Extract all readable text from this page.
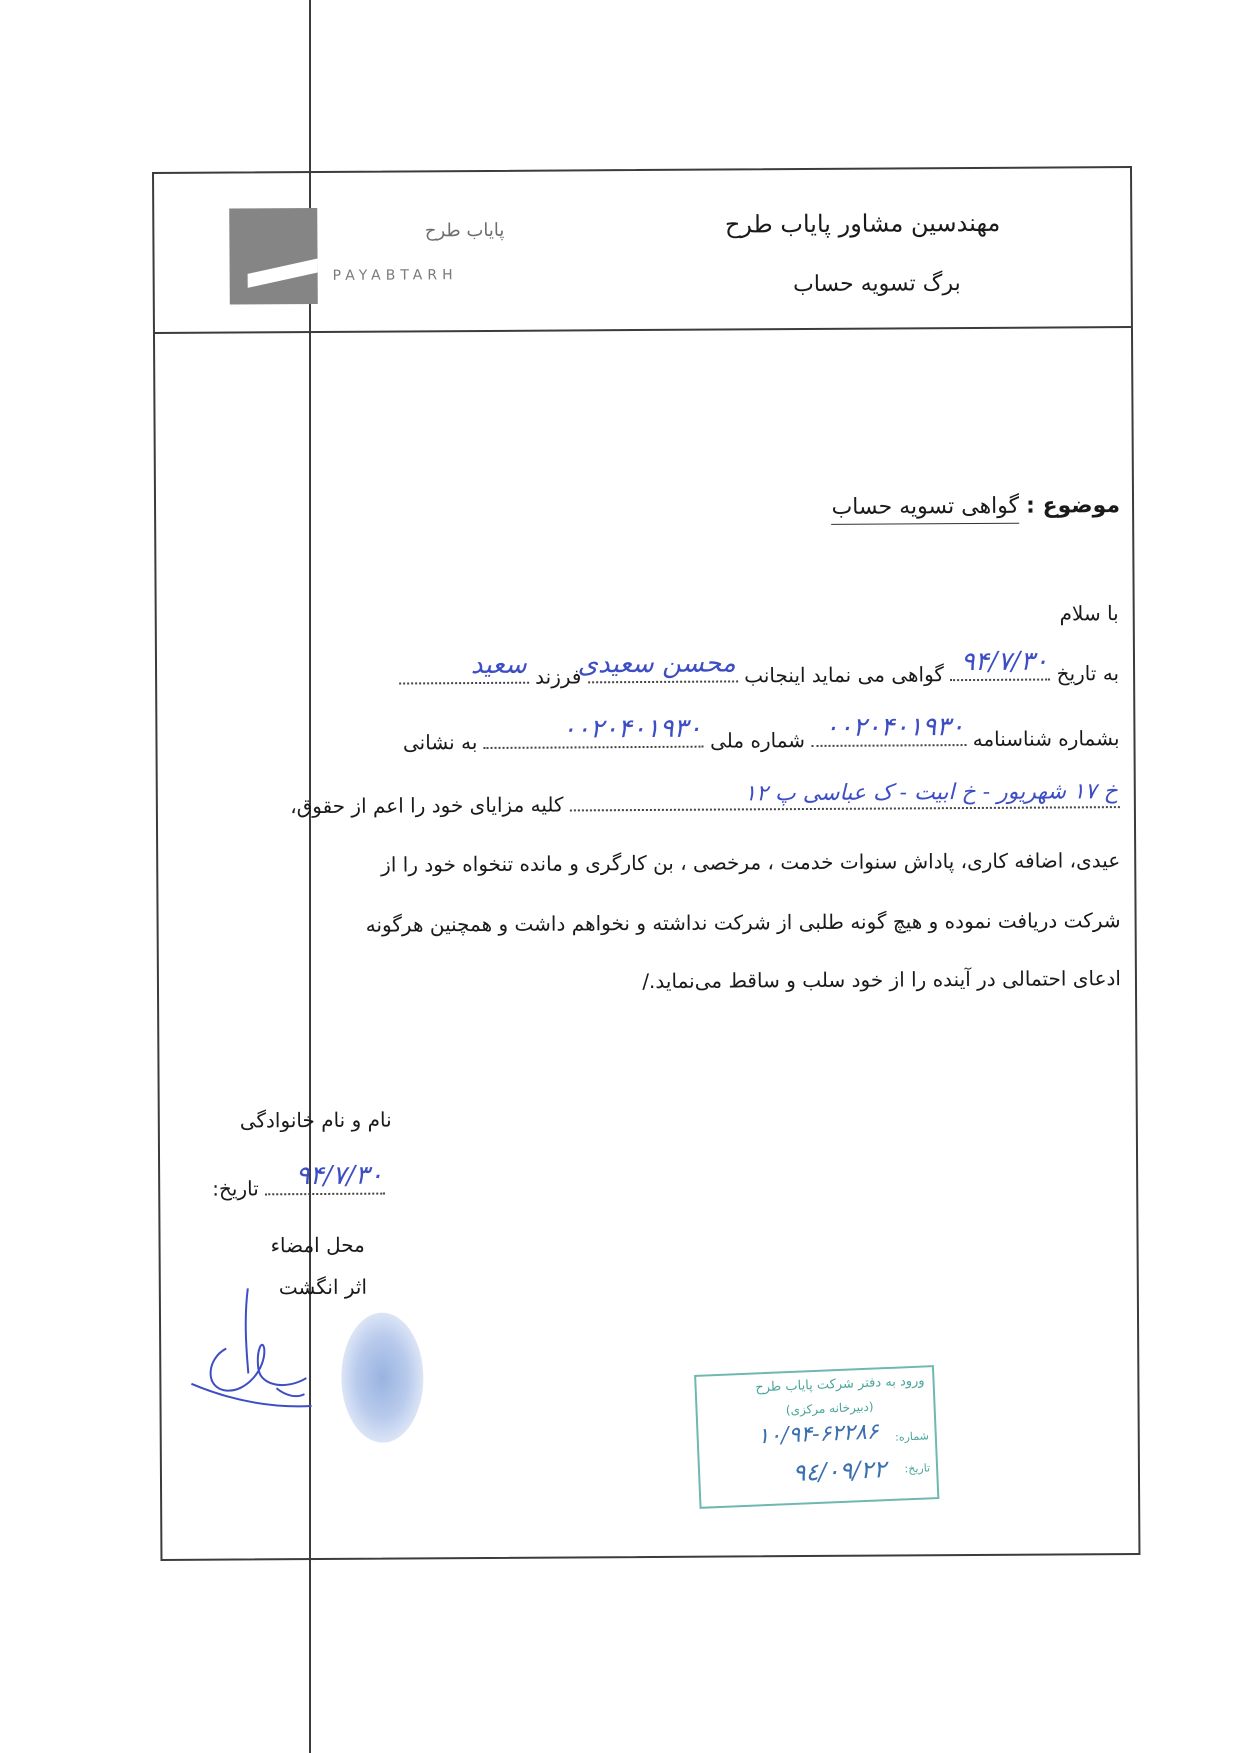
پایاب طرح
PAYABTARH
مهندسین مشاور پایاب طرح
برگ تسویه حساب
موضوع : گواهی تسویه حساب
با سلام
به تاریخ
۹۴/۷/۳۰
گواهی می نماید اینجانب
محسن سعیدی
فرزند
سعید
بشماره شناسنامه
۰۰۲۰۴۰۱۹۳۰
شماره ملی
۰۰۲۰۴۰۱۹۳۰
به نشانی
خ ۱۷ شهریور - خ ابیت - ک عباسی پ ۱۲
کلیه مزایای خود را اعم از حقوق،
عیدی، اضافه کاری، پاداش سنوات خدمت ، مرخصی ، بن کارگری و مانده تنخواه خود را از
شرکت دریافت نموده و هیچ گونه طلبی از شرکت نداشته و نخواهم داشت و همچنین هرگونه
ادعای احتمالی در آینده را از خود سلب و ساقط می‌نماید./
نام و نام خانوادگی
۹۴/۷/۳۰
تاریخ:
محل امضاء
اثر انگشت
ورود به دفتر شرکت پایاب طرح
(دبیرخانه مرکزی)
شماره:
۱۰/۹۴-۶۲۲۸۶
تاریخ:
۹٤/۰۹/۲۲
